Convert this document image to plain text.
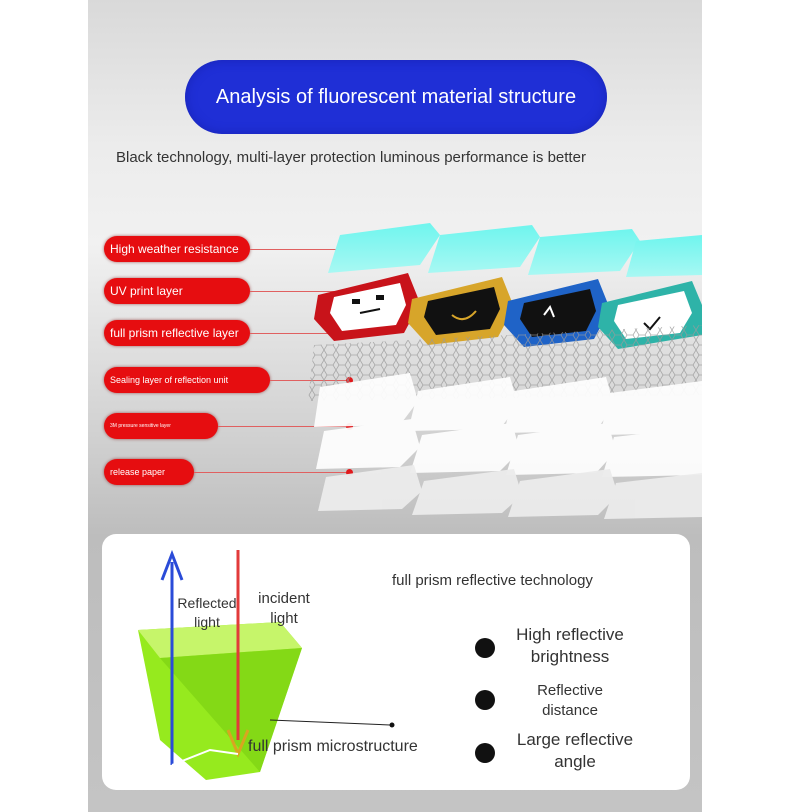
Analysis of fluorescent material structure
Black technology, multi-layer protection luminous performance is better
High weather resistance
UV print layer
full prism reflective layer
Sealing layer of reflection unit
3M pressure sensitive layer
release paper
Reflected light
incident light
full prism microstructure
full prism reflective technology
High reflective brightness
Reflective distance
Large reflective angle
